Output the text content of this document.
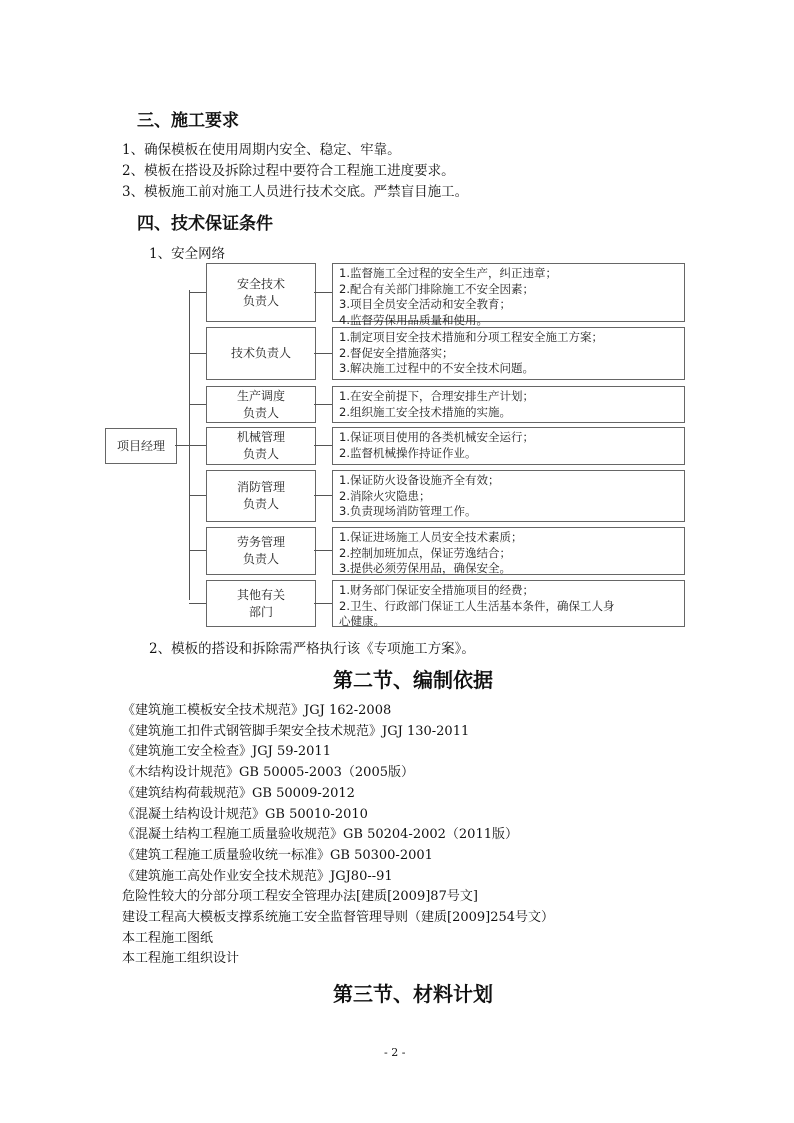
三、施工要求
1、确保模板在使用周期内安全、稳定、牢靠。
2、模板在搭设及拆除过程中要符合工程施工进度要求。
3、模板施工前对施工人员进行技术交底。严禁盲目施工。
四、技术保证条件
1、安全网络
项目经理
安全技术
负责人
1.监督施工全过程的安全生产，纠正违章；
2.配合有关部门排除施工不安全因素；
3.项目全员安全活动和安全教育；
4.监督劳保用品质量和使用。
技术负责人
1.制定项目安全技术措施和分项工程安全施工方案；
2.督促安全措施落实；
3.解决施工过程中的不安全技术问题。
生产调度
负责人
1.在安全前提下，合理安排生产计划；
2.组织施工安全技术措施的实施。
机械管理
负责人
1.保证项目使用的各类机械安全运行；
2.监督机械操作持证作业。
消防管理
负责人
1.保证防火设备设施齐全有效；
2.消除火灾隐患；
3.负责现场消防管理工作。
劳务管理
负责人
1.保证进场施工人员安全技术素质；
2.控制加班加点，保证劳逸结合；
3.提供必须劳保用品，确保安全。
其他有关
部门
1.财务部门保证安全措施项目的经费；
2.卫生、行政部门保证工人生活基本条件，确保工人身
心健康。
2、模板的搭设和拆除需严格执行该《专项施工方案》。
第二节、编制依据
《建筑施工模板安全技术规范》JGJ 162-2008
《建筑施工扣件式钢管脚手架安全技术规范》JGJ 130-2011
《建筑施工安全检查》JGJ 59-2011
《木结构设计规范》GB 50005-2003（2005版）
《建筑结构荷载规范》GB 50009-2012
《混凝土结构设计规范》GB 50010-2010
《混凝土结构工程施工质量验收规范》GB 50204-2002（2011版）
《建筑工程施工质量验收统一标准》GB 50300-2001
《建筑施工高处作业安全技术规范》JGJ80--91
危险性较大的分部分项工程安全管理办法[建质[2009]87号文]
建设工程高大模板支撑系统施工安全监督管理导则（建质[2009]254号文）
本工程施工图纸
本工程施工组织设计
第三节、材料计划
- 2 -
